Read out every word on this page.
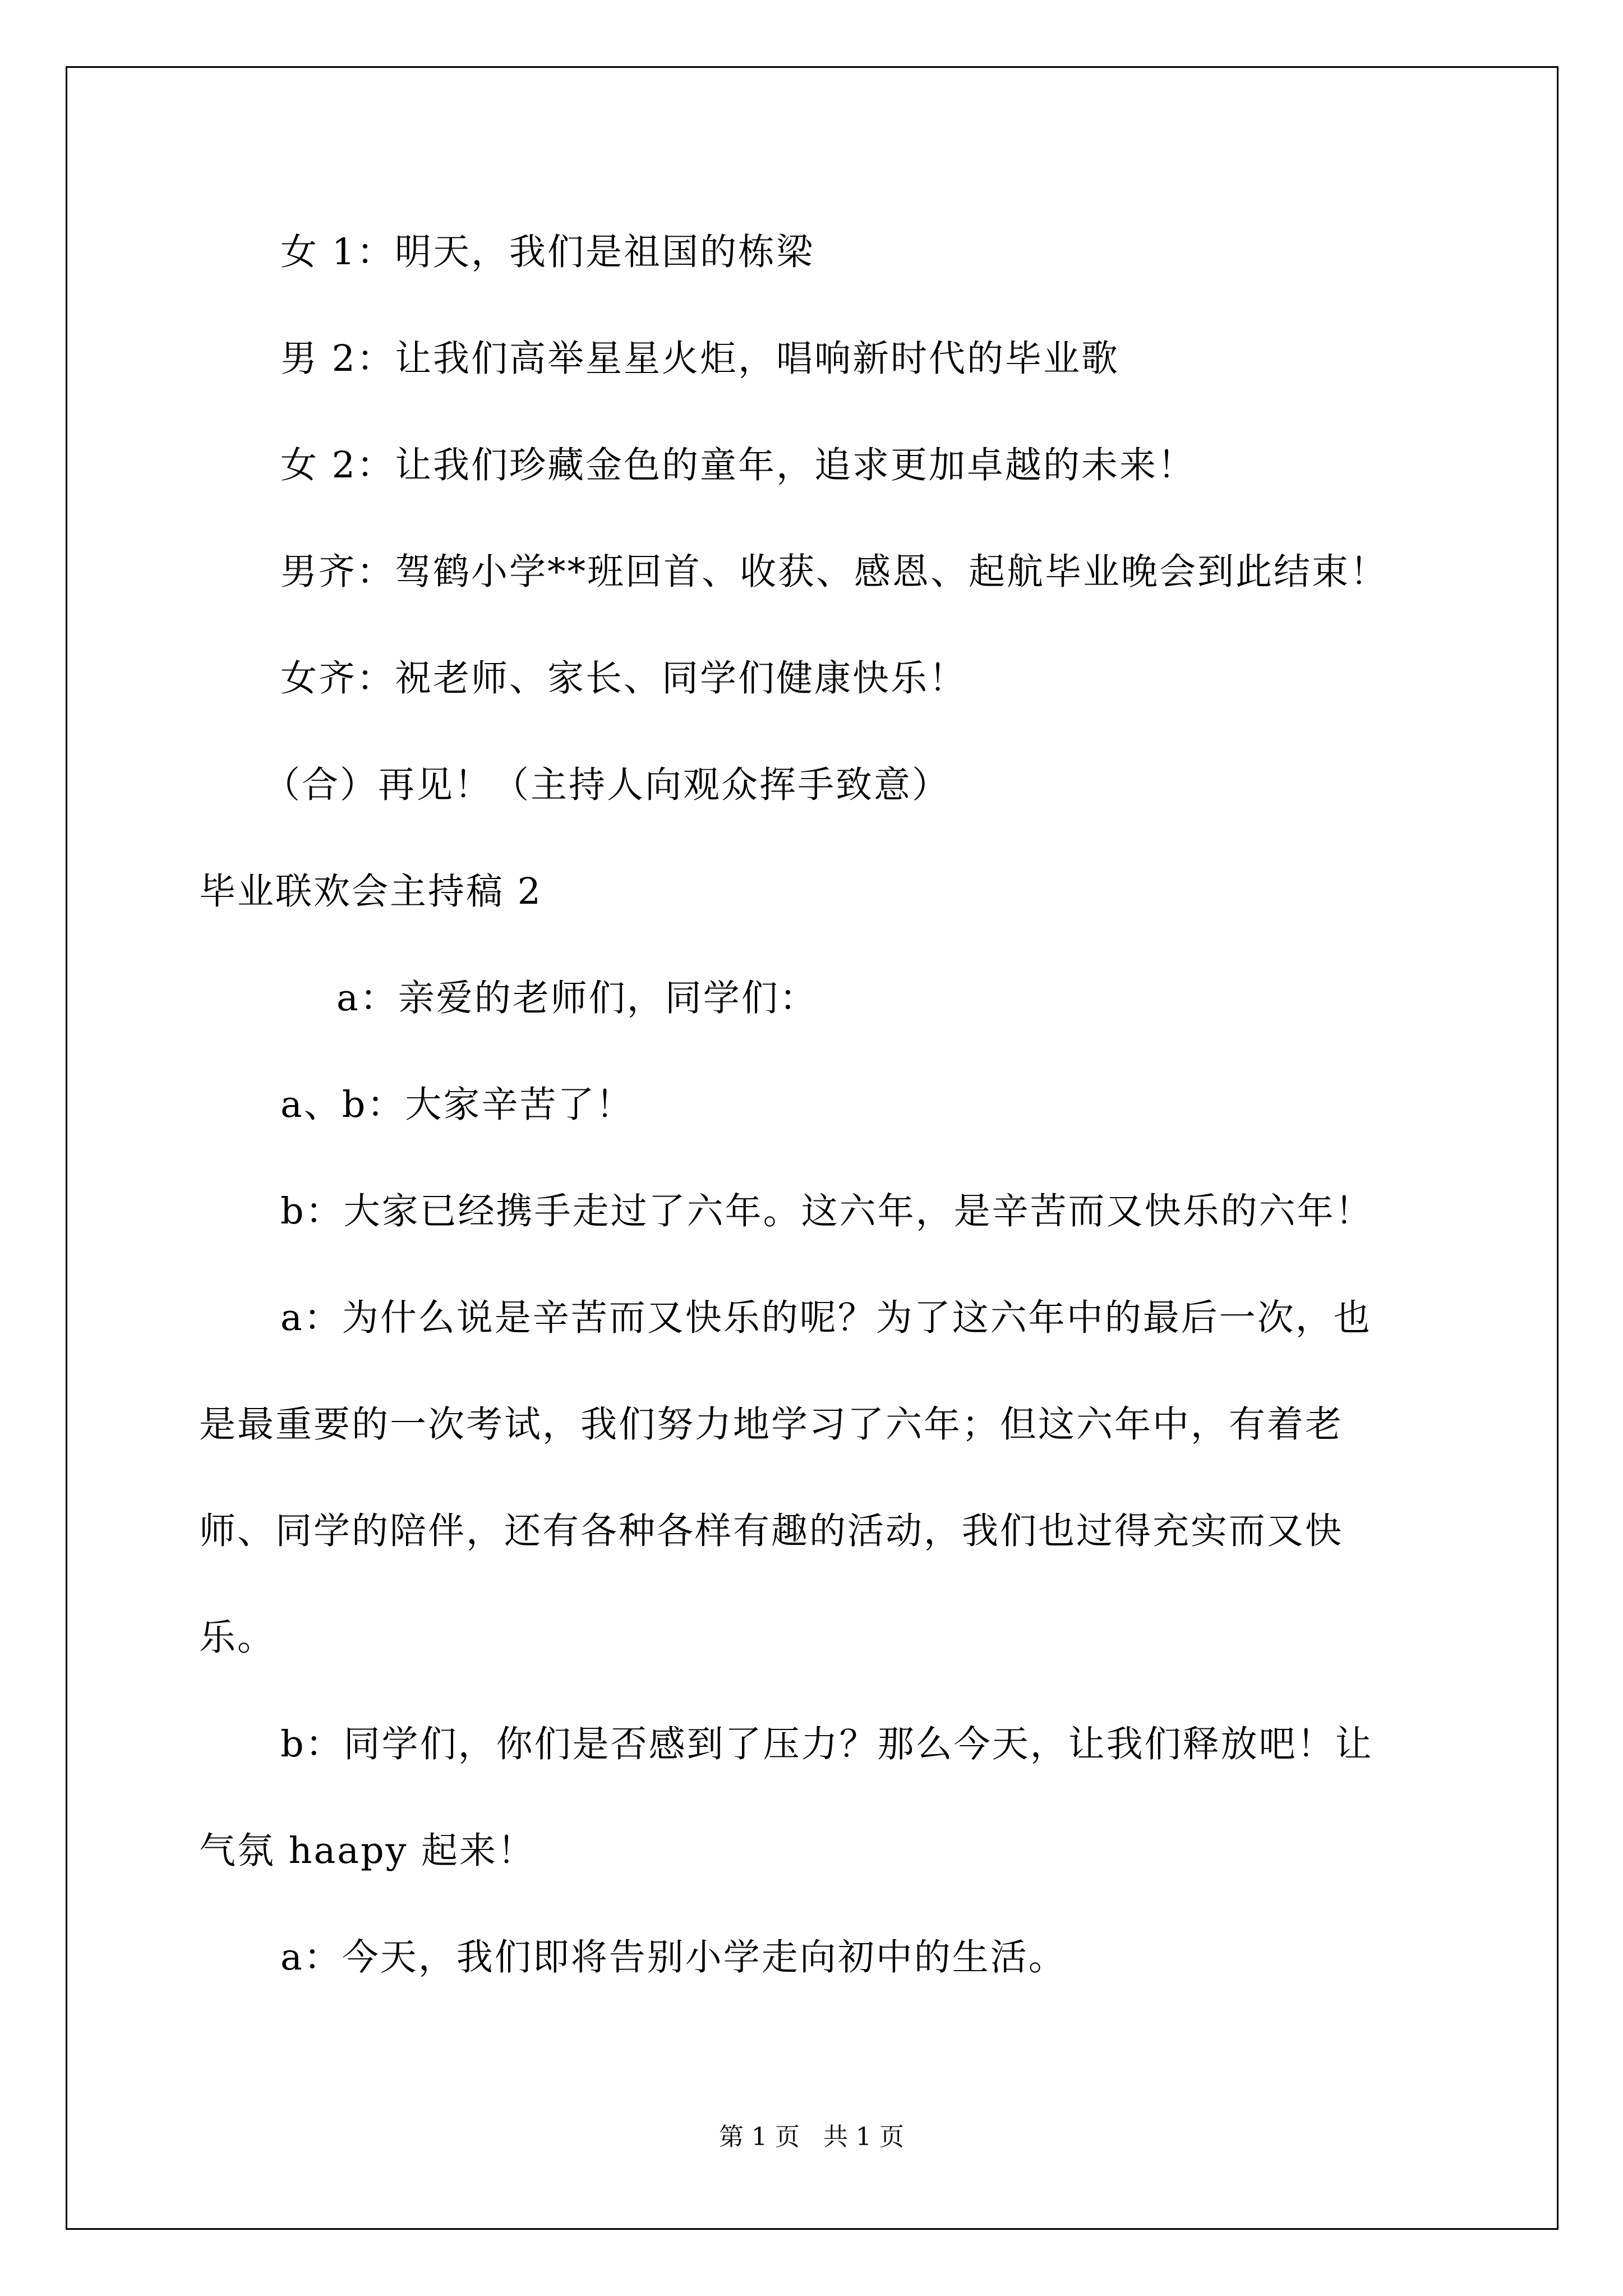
女 1：明天，我们是祖国的栋梁
男 2：让我们高举星星火炬，唱响新时代的毕业歌
女 2：让我们珍藏金色的童年，追求更加卓越的未来！
男齐：驾鹤小学**班回首、收获、感恩、起航毕业晚会到此结束！
女齐：祝老师、家长、同学们健康快乐！
（合）再见！（主持人向观众挥手致意）
毕业联欢会主持稿 2
a：亲爱的老师们，同学们：
a、b：大家辛苦了！
b：大家已经携手走过了六年。这六年，是辛苦而又快乐的六年！
a：为什么说是辛苦而又快乐的呢？为了这六年中的最后一次，也
是最重要的一次考试，我们努力地学习了六年；但这六年中，有着老
师、同学的陪伴，还有各种各样有趣的活动，我们也过得充实而又快
乐。
b：同学们，你们是否感到了压力？那么今天，让我们释放吧！让
气氛 haapy 起来！
a：今天，我们即将告别小学走向初中的生活。
第 1 页   共 1 页
